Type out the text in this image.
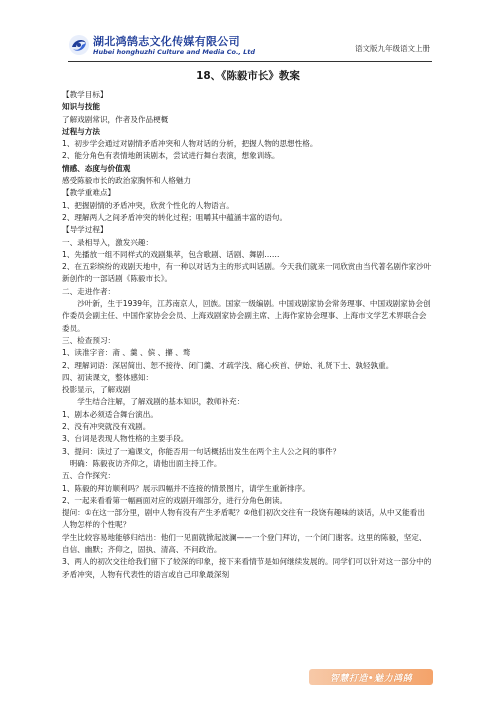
湖北鸿鹄志文化传媒有限公司
Hubei honghuzhi Culture and Media Co., Ltd	语文版九年级语文上册
18、《陈毅市长》教案

【教学目标】

知识与技能

了解戏剧常识，作者及作品梗概

过程与方法

1、初步学会通过对剧情矛盾冲突和人物对话的分析，把握人物的思想性格。

2、能分角色有表情地朗读剧本，尝试进行舞台表演，想象训练。

情感、态度与价值观

感受陈毅市长的政治家胸怀和人格魅力

【教学重难点】

1、把握剧情的矛盾冲突，欣赏个性化的人物语言。

2、理解两人之间矛盾冲突的转化过程；咀嚼其中蕴涵丰富的语句。

【导学过程】

一、录相导入，激发兴趣：

1、先播放一组不同样式的戏剧集萃，包含歌剧、话剧、舞剧……

2、在五彩缤纷的戏剧天地中，有一种以对话为主的形式叫话剧。今天我们就来一同欣赏由当代著名剧作家沙叶新创作的一部话剧《陈毅市长》。

二、走进作者：

沙叶新，生于1939年，江苏南京人，回族。国家一级编剧。中国戏剧家协会常务理事、中国戏剧家协会创作委员会副主任、中国作家协会会员、上海戏剧家协会副主席、上海作家协会理事、上海市文学艺术界联合会委员。

三、检查预习：

1、读准字音：斋 、羹 、傧 、攥 、骛

2、理解词语：深居简出、恕不接待、闭门羹、才疏学浅、痛心疾首、伊始、礼贤下士、孰轻孰重。

四、初读课文，整体感知：

投影显示，了解戏剧

学生结合注解，了解戏剧的基本知识，教师补充：

1、剧本必须适合舞台演出。

2、没有冲突就没有戏剧。

3、台词是表现人物性格的主要手段。

3、提问：读过了一遍课文，你能否用一句话概括出发生在两个主人公之间的事件？

明确：陈毅夜访齐仰之，请他出面主持工作。

五、合作探究：

1、陈毅的拜访顺利吗？展示四幅并不连接的情景图片，请学生重新排序。

2、一起来看看第一幅画面对应的戏剧开端部分，进行分角色朗读。

提问：①在这一部分里，剧中人物有没有产生矛盾呢？②他们初次交往有一段饶有趣味的谈话，从中又能看出人物怎样的个性呢？

学生比较容易地能够归结出：他们一见面就掀起波澜——一个登门拜访，一个闭门谢客。这里的陈毅，坚定、自信、幽默；齐仰之，固执、清高、不问政治。

3、两人的初次交往给我们留下了较深的印象，接下来看情节是如何继续发展的。同学们可以针对这一部分中的矛盾冲突，人物有代表性的语言或自己印象最深刻

智慧打造•魅力鸿鹄
